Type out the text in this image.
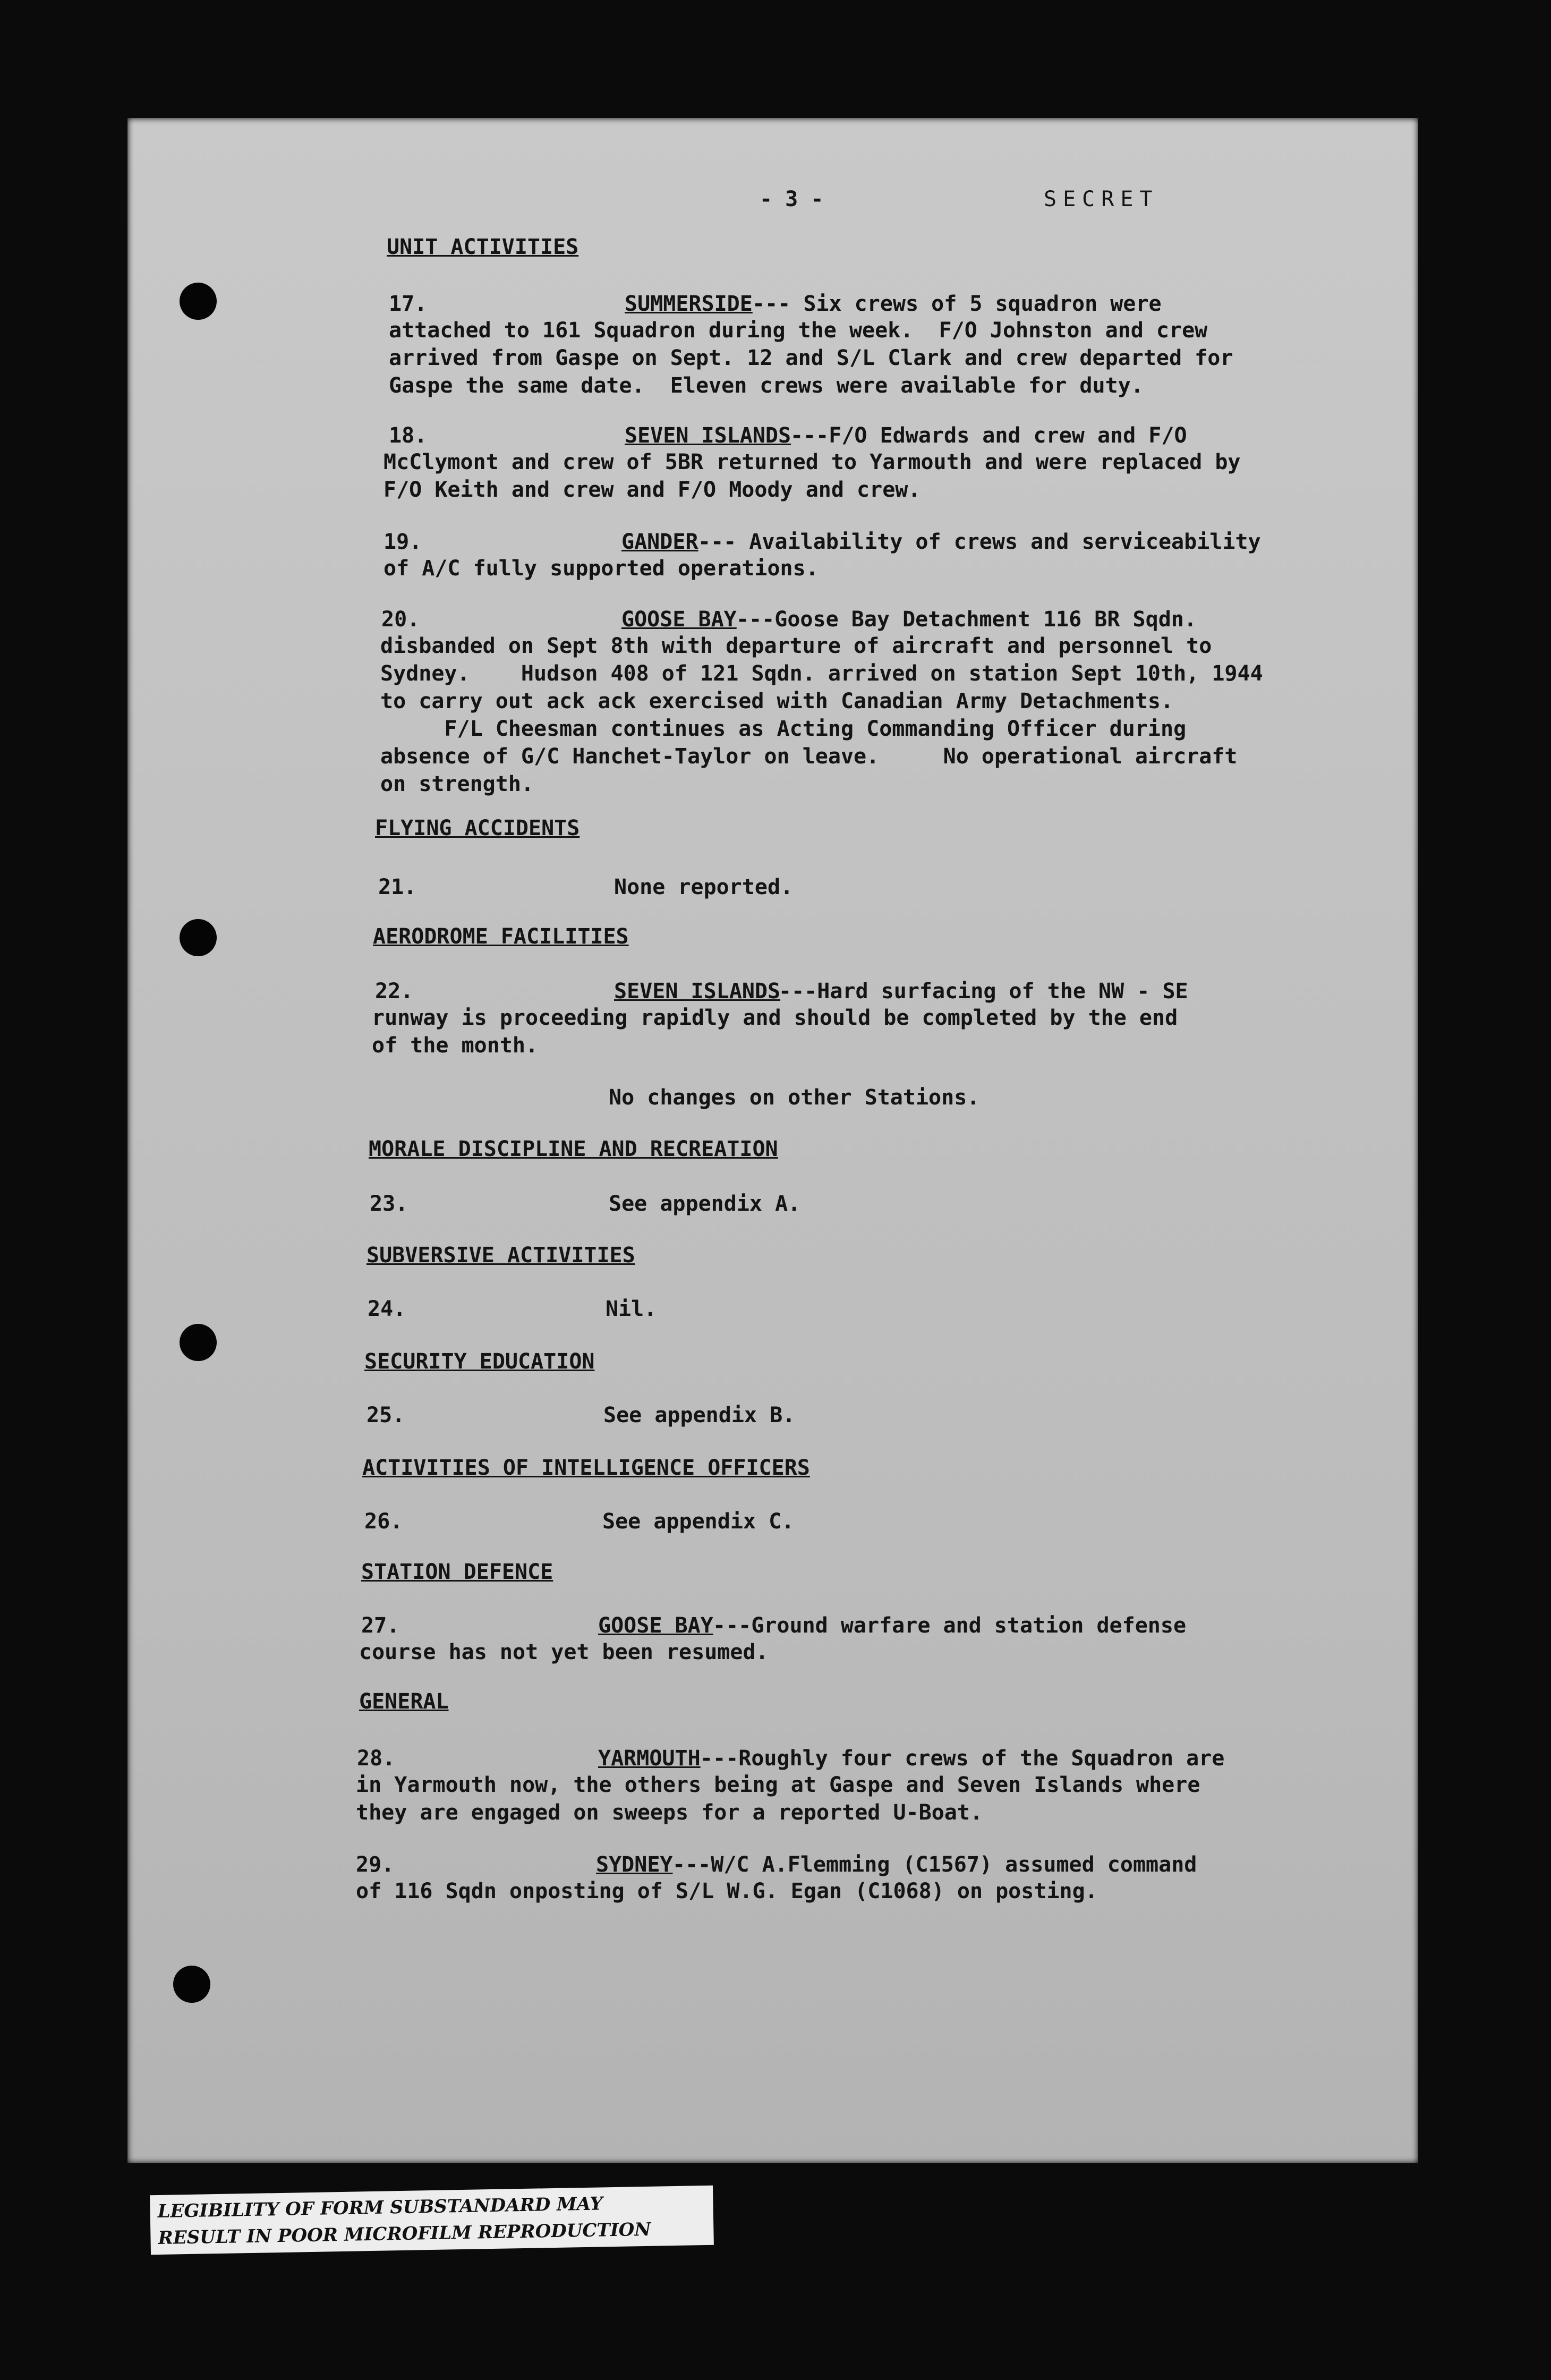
- 3 -	SECRET
UNIT ACTIVITIES
17.	SUMMERSIDE --- Six crews of 5 squadron were
attached to 161 Squadron during the week.  F/O Johnston and crew
arrived from Gaspe on Sept. 12 and S/L Clark and crew departed for
Gaspe the same date.  Eleven crews were available for duty.
18.	SEVEN ISLANDS
---F/O Edwards and crew and F/O
McClymont and crew of 5BR returned to Yarmouth and were replaced by
F/O Keith and crew and F/O Moody and crew.
19.	GANDER --- Availability of crews and serviceability
of A/C fully supported operations.
20.	GOOSE BAY ---Goose Bay Detachment 116 BR Sqdn.
disbanded on Sept 8th with departure of aircraft and personnel to
Sydney.    Hudson 408 of 121 Sqdn. arrived on station Sept 10th, 1944
to carry out ack ack exercised with Canadian Army Detachments.
F/L Cheesman continues as Acting Commanding Officer during
absence of G/C Hanchet-Taylor on leave.     No operational aircraft
on strength.
FLYING ACCIDENTS
21.	None reported.
AERODROME FACILITIES
22.	SEVEN ISLANDS
---Hard surfacing of the NW - SE
runway is proceeding rapidly and should be completed by the end
of the month.
No changes on other Stations.
MORALE DISCIPLINE AND RECREATION
23.	See appendix A.
SUBVERSIVE ACTIVITIES
24.	Nil.
SECURITY EDUCATION
25.	See appendix B.
ACTIVITIES OF INTELLIGENCE OFFICERS
26.	See appendix C.
STATION DEFENCE
27.	GOOSE BAY ---Ground warfare and station defense
course has not yet been resumed.
GENERAL
28.	YARMOUTH ---Roughly four crews of the Squadron are
in Yarmouth now, the others being at Gaspe and Seven Islands where
they are engaged on sweeps for a reported U-Boat.
29.	SYDNEY ---W/C A.Flemming (C1567) assumed command
of 116 Sqdn onposting of S/L W.G. Egan (C1068) on posting.
LEGIBILITY OF FORM SUBSTANDARD MAY
RESULT IN POOR MICROFILM REPRODUCTION
